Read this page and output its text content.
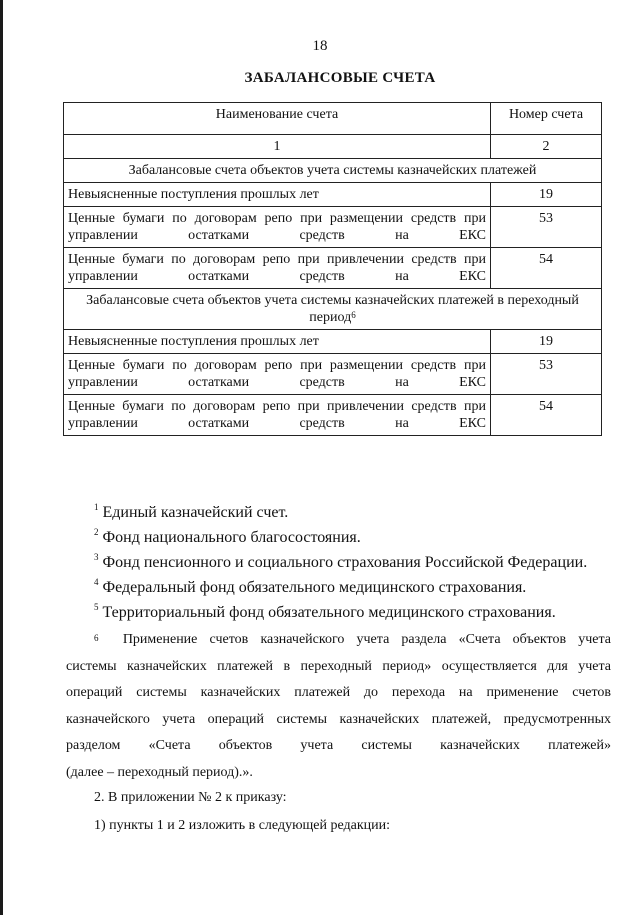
18
ЗАБАЛАНСОВЫЕ СЧЕТА
Наименование счета	Номер счета
1	2
Забалансовые счета объектов учета системы казначейских платежей	
Невыясненные поступления прошлых лет	19
Ценные бумаги по договорам репо при размещении средств при управлении остатками средств на ЕКС	53
Ценные бумаги по договорам репо при привлечении средств при управлении остатками средств на ЕКС	54
Забалансовые счета объектов учета системы казначейских платежей в переходный период$^6$
Невыясненные поступления прошлых лет	19
Ценные бумаги по договорам репо при размещении средств при управлении остатками средств на ЕКС	53
Ценные бумаги по договорам репо при привлечении средств при управлении остатками средств на ЕКС	54
$^1$ Единый казначейский счет.
$^2$ Фонд национального благосостояния.
$^3$ Фонд пенсионного и социального страхования Российской Федерации.
$^4$ Федеральный фонд обязательного медицинского страхования.
$^5$ Территориальный фонд обязательного медицинского страхования.
$^6$ Применение счетов казначейского учета раздела «Счета объектов учета
системы казначейских платежей в переходный период» осуществляется для учета
операций системы казначейских платежей до перехода на применение счетов
казначейского учета операций системы казначейских платежей, предусмотренных
разделом «Счета объектов учета системы казначейских платежей»
(далее – переходный период).».
2. В приложении № 2 к приказу:
1) пункты 1 и 2 изложить в следующей редакции:
